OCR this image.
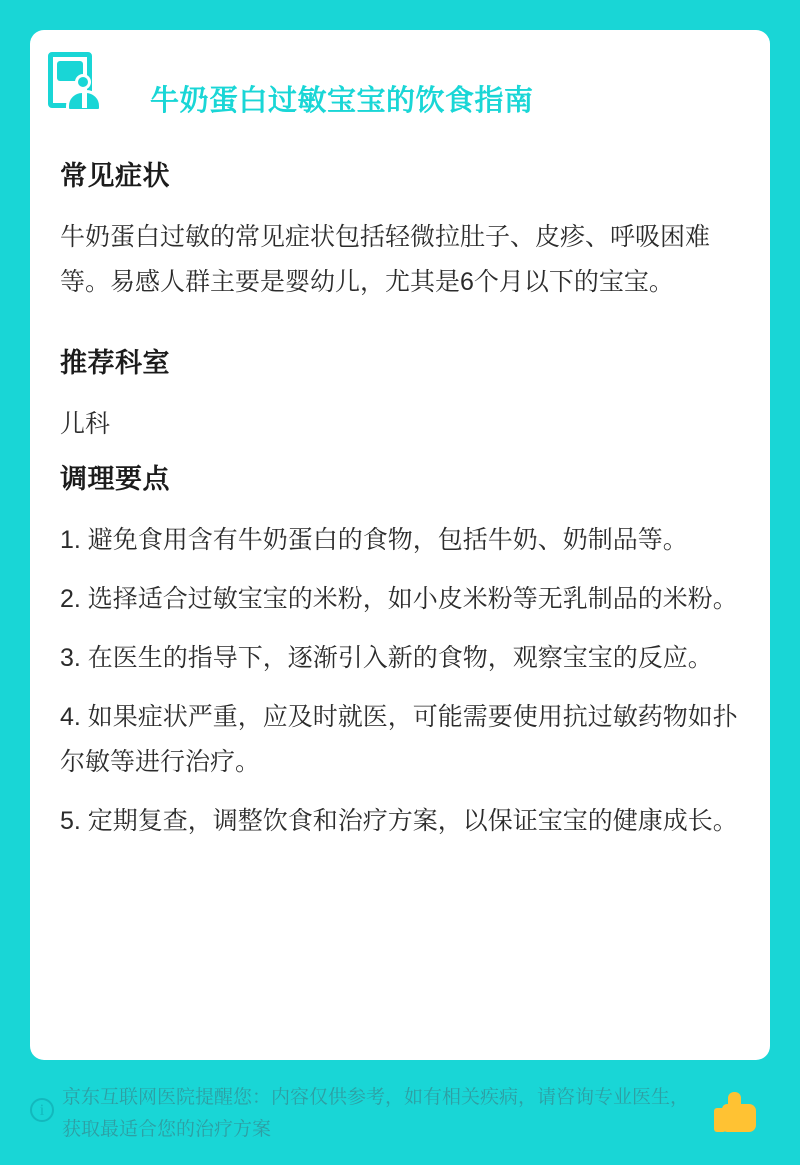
牛奶蛋白过敏宝宝的饮食指南
常见症状

牛奶蛋白过敏的常见症状包括轻微拉肚子、皮疹、呼吸困难等。易感人群主要是婴幼儿，尤其是6个月以下的宝宝。

推荐科室

儿科

调理要点
1. 避免食用含有牛奶蛋白的食物，包括牛奶、奶制品等。
2. 选择适合过敏宝宝的米粉，如小皮米粉等无乳制品的米粉。
3. 在医生的指导下，逐渐引入新的食物，观察宝宝的反应。
4. 如果症状严重，应及时就医，可能需要使用抗过敏药物如扑尔敏等进行治疗。
5. 定期复查，调整饮食和治疗方案，以保证宝宝的健康成长。
i
京东互联网医院提醒您：内容仅供参考，如有相关疾病，请咨询专业医生，获取最适合您的治疗方案
